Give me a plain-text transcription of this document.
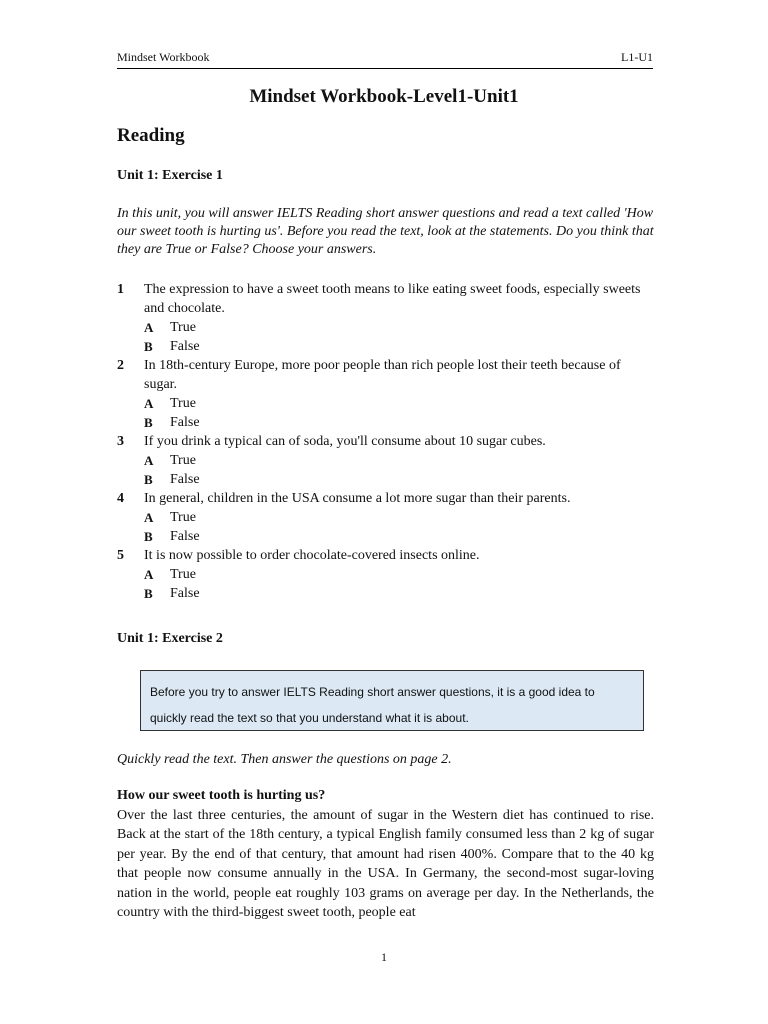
Mindset Workbook	L1-U1
Mindset Workbook-Level1-Unit1
Reading
Unit 1: Exercise 1
In this unit, you will answer IELTS Reading short answer questions and read a text called 'How our sweet tooth is hurting us'. Before you read the text, look at the statements. Do you think that they are True or False? Choose your answers.
1 The expression to have a sweet tooth means to like eating sweet foods, especially sweets and chocolate.
A	True
B	False
2 In 18th-century Europe, more poor people than rich people lost their teeth because of sugar.
A	True
B	False
3 If you drink a typical can of soda, you'll consume about 10 sugar cubes.
A	True
B	False
4 In general, children in the USA consume a lot more sugar than their parents.
A	True
B	False
5 It is now possible to order chocolate-covered insects online.
A	True
B	False
Unit 1: Exercise 2
Before you try to answer IELTS Reading short answer questions, it is a good idea to quickly read the text so that you understand what it is about.
Quickly read the text. Then answer the questions on page 2.
How our sweet tooth is hurting us?
Over the last three centuries, the amount of sugar in the Western diet has continued to rise. Back at the start of the 18th century, a typical English family consumed less than 2 kg of sugar per year. By the end of that century, that amount had risen 400%. Compare that to the 40 kg that people now consume annually in the USA. In Germany, the second-most sugar-loving nation in the world, people eat roughly 103 grams on average per day. In the Netherlands, the country with the third-biggest sweet tooth, people eat
1
